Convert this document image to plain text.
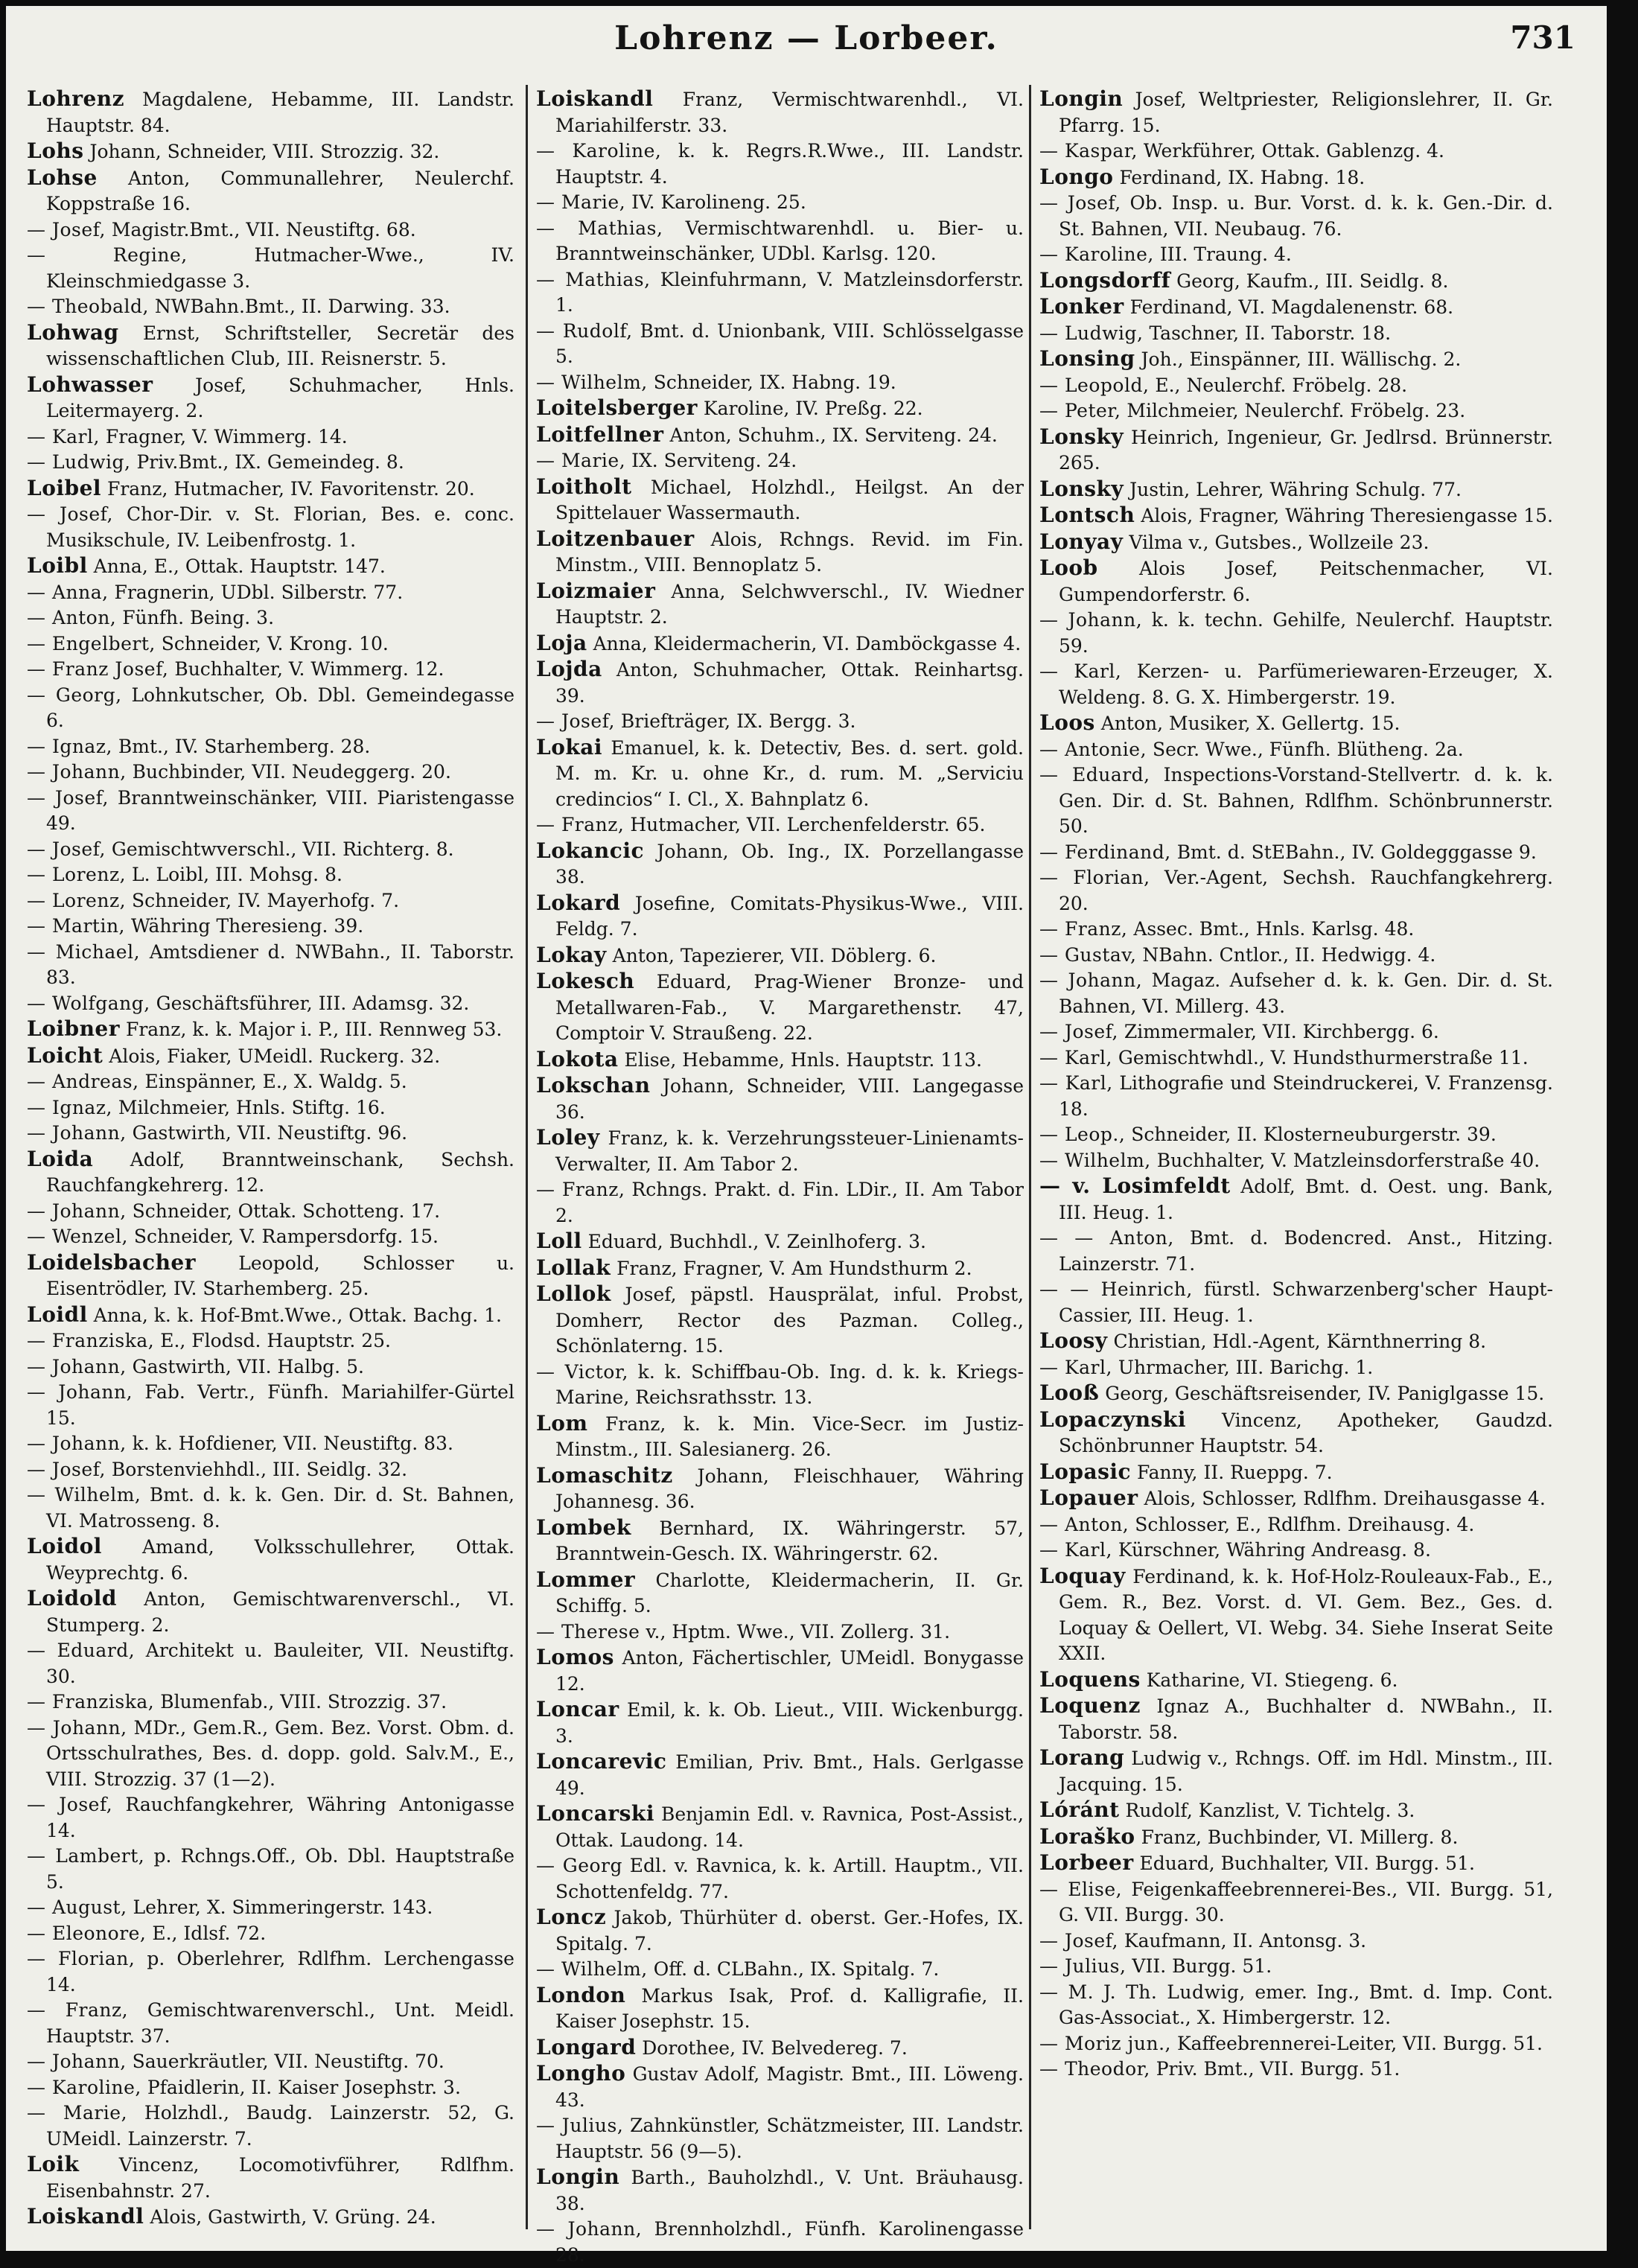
Lohrenz — Lorbeer.	731

Lohrenz Magdalene, Hebamme, III. Landstr. Hauptstr. 84.

Lohs Johann, Schneider, VIII. Strozzig. 32.

Lohse Anton, Communallehrer, Neulerchf. Koppstraße 16.

— Josef, Magistr.Bmt., VII. Neustiftg. 68.

— Regine,	Hutmacher-Wwe., IV. Kleinschmiedgasse 3.

— Theobald, NWBahn.Bmt., II. Darwing. 33.

Lohwag Ernst, Schriftsteller, Secretär des wissenschaftlichen Club, III. Reisnerstr. 5.

Lohwasser Josef, Schuhmacher, Hnls. Leitermayerg. 2.

— Karl, Fragner, V. Wimmerg. 14.

— Ludwig, Priv.Bmt., IX. Gemeindeg. 8.

Loibel Franz, Hutmacher, IV. Favoritenstr. 20.

— Josef, Chor-Dir. v. St. Florian, Bes. e. conc. Musikschule, IV. Leibenfrostg. 1.

Loibl Anna, E., Ottak. Hauptstr. 147.

— Anna, Fragnerin, UDbl. Silberstr. 77.

— Anton, Fünfh. Being. 3.

— Engelbert, Schneider, V. Krong. 10.

— Franz Josef, Buchhalter, V. Wimmerg. 12.

— Georg, Lohnkutscher, Ob. Dbl. Gemeindegasse 6.

— Ignaz, Bmt., IV. Starhemberg. 28.

— Johann, Buchbinder, VII. Neudeggerg. 20.

— Josef, Branntweinschänker, VIII. Piaristengasse 49.

— Josef, Gemischtwverschl., VII. Richterg. 8.

— Lorenz, L. Loibl, III. Mohsg. 8.

— Lorenz, Schneider, IV. Mayerhofg. 7.

— Martin, Währing Theresieng. 39.

— Michael, Amtsdiener d. NWBahn., II. Taborstr. 83.

— Wolfgang, Geschäftsführer, III. Adamsg. 32.

Loibner Franz, k. k. Major i. P., III. Rennweg 53.

Loicht Alois, Fiaker, UMeidl. Ruckerg. 32.

— Andreas, Einspänner, E., X. Waldg. 5.

— Ignaz, Milchmeier, Hnls. Stiftg. 16.

— Johann, Gastwirth, VII. Neustiftg. 96.

Loida Adolf, Branntweinschank, Sechsh. Rauchfangkehrerg. 12.

— Johann, Schneider, Ottak. Schotteng. 17.

— Wenzel, Schneider, V. Rampersdorfg. 15.

Loidelsbacher Leopold, Schlosser u. Eisentrödler, IV. Starhemberg. 25.

Loidl Anna, k. k. Hof-Bmt.Wwe., Ottak. Bachg. 1.

— Franziska, E., Flodsd. Hauptstr. 25.

— Johann, Gastwirth, VII. Halbg. 5.

— Johann, Fab. Vertr., Fünfh. Mariahilfer-Gürtel 15.

— Johann, k. k. Hofdiener, VII. Neustiftg. 83.

— Josef, Borstenviehhdl., III. Seidlg. 32.

— Wilhelm, Bmt. d. k. k. Gen. Dir. d. St. Bahnen, VI. Matrosseng. 8.

Loidol Amand, Volksschullehrer, Ottak. Weyprechtg. 6.

Loidold Anton, Gemischtwarenverschl., VI. Stumperg. 2.

— Eduard, Architekt u. Bauleiter, VII. Neustiftg. 30.

— Franziska, Blumenfab., VIII. Strozzig. 37.

— Johann, MDr., Gem.R., Gem. Bez. Vorst. Obm. d. Ortsschulrathes, Bes. d. dopp. gold. Salv.M., E., VIII. Strozzig. 37 (1—2).

— Josef, Rauchfangkehrer, Währing Antonigasse 14.

— Lambert, p. Rchngs.Off., Ob. Dbl. Hauptstraße 5.

— August, Lehrer, X. Simmeringerstr. 143.

— Eleonore, E., Idlsf. 72.

— Florian, p. Oberlehrer, Rdlfhm. Lerchengasse 14.

— Franz, Gemischtwarenverschl., Unt. Meidl. Hauptstr. 37.

— Johann, Sauerkräutler, VII. Neustiftg. 70.

— Karoline, Pfaidlerin, II. Kaiser Josephstr. 3.

— Marie, Holzhdl., Baudg. Lainzerstr. 52, G. UMeidl. Lainzerstr. 7.

Loik Vincenz, Locomotivführer, Rdlfhm. Eisenbahnstr. 27.

Loiskandl Alois, Gastwirth, V. Grüng. 24.

Loiskandl Franz, Vermischtwarenhdl., VI. Mariahilferstr. 33.

— Karoline, k. k. Regrs.R.Wwe., III. Landstr. Hauptstr. 4.

— Marie, IV. Karolineng. 25.

— Mathias, Vermischtwarenhdl. u. Bier- u. Branntweinschänker, UDbl. Karlsg. 120.

— Mathias, Kleinfuhrmann, V. Matzleinsdorferstr. 1.

— Rudolf, Bmt. d. Unionbank, VIII. Schlösselgasse 5.

— Wilhelm, Schneider, IX. Habng. 19.

Loitelsberger Karoline, IV. Preßg. 22.

Loitfellner Anton, Schuhm., IX. Serviteng. 24.

— Marie, IX. Serviteng. 24.

Loitholt Michael, Holzhdl., Heilgst. An der Spittelauer Wassermauth.

Loitzenbauer Alois, Rchngs. Revid. im Fin. Minstm., VIII. Bennoplatz 5.

Loizmaier Anna, Selchwverschl., IV. Wiedner Hauptstr. 2.

Loja Anna, Kleidermacherin, VI. Damböckgasse 4.

Lojda Anton, Schuhmacher, Ottak. Reinhartsg. 39.

— Josef, Briefträger, IX. Bergg. 3.

Lokai Emanuel, k. k. Detectiv, Bes. d. sert. gold. M. m. Kr. u. ohne Kr., d. rum. M. „Serviciu credincios“ I. Cl., X. Bahnplatz 6.

— Franz, Hutmacher, VII. Lerchenfelderstr. 65.

Lokancic Johann, Ob. Ing., IX. Porzellangasse 38.

Lokard Josefine, Comitats-Physikus-Wwe., VIII. Feldg. 7.

Lokay Anton, Tapezierer, VII. Döblerg. 6.

Lokesch Eduard, Prag-Wiener Bronze- und Metallwaren-Fab., V. Margarethenstr. 47, Comptoir V. Straußeng. 22.

Lokota Elise, Hebamme, Hnls. Hauptstr. 113.

Lokschan Johann, Schneider, VIII. Langegasse 36.

Loley Franz, k. k. Verzehrungssteuer-Linienamts-Verwalter, II. Am Tabor 2.

— Franz, Rchngs. Prakt. d. Fin. LDir., II. Am Tabor 2.

Loll Eduard, Buchhdl., V. Zeinlhoferg. 3.

Lollak Franz, Fragner, V. Am Hundsthurm 2.

Lollok Josef, päpstl. Hausprälat, inful. Probst, Domherr, Rector des Pazman. Colleg., Schönlaterng. 15.

— Victor, k. k. Schiffbau-Ob. Ing. d. k. k. Kriegs-Marine, Reichsrathsstr. 13.

Lom Franz, k. k. Min. Vice-Secr. im Justiz-Minstm., III. Salesianerg. 26.

Lomaschitz Johann, Fleischhauer, Währing Johannesg. 36.

Lombek Bernhard, IX. Währingerstr. 57, Branntwein-Gesch. IX. Währingerstr. 62.

Lommer Charlotte, Kleidermacherin, II. Gr. Schiffg. 5.

— Therese v., Hptm. Wwe., VII. Zollerg. 31.

Lomos Anton, Fächertischler, UMeidl. Bonygasse 12.

Loncar Emil, k. k. Ob. Lieut., VIII. Wickenburgg. 3.

Loncarevic Emilian, Priv. Bmt., Hals. Gerlgasse 49.

Loncarski Benjamin Edl. v. Ravnica, Post-Assist., Ottak. Laudong. 14.

— Georg Edl. v. Ravnica, k. k. Artill. Hauptm., VII. Schottenfeldg. 77.

Loncz Jakob, Thürhüter d. oberst. Ger.-Hofes, IX. Spitalg. 7.

— Wilhelm, Off. d. CLBahn., IX. Spitalg. 7.

London Markus Isak, Prof. d. Kalligrafie, II. Kaiser Josephstr. 15.

Longard Dorothee, IV. Belvedereg. 7.

Longho Gustav Adolf, Magistr. Bmt., III. Löweng. 43.

— Julius, Zahnkünstler, Schätzmeister, III. Landstr. Hauptstr. 56 (9—5).

Longin Barth., Bauholzhdl., V. Unt. Bräuhausg. 38.

— Johann, Brennholzhdl., Fünfh. Karolinengasse 28.

Longin Josef, Weltpriester, Religionslehrer, II. Gr. Pfarrg. 15.

— Kaspar, Werkführer, Ottak. Gablenzg. 4.

Longo Ferdinand, IX. Habng. 18.

— Josef, Ob. Insp. u. Bur. Vorst. d. k. k. Gen.-Dir. d. St. Bahnen, VII. Neubaug. 76.

— Karoline, III. Traung. 4.

Longsdorff Georg, Kaufm., III. Seidlg. 8.

Lonker Ferdinand, VI. Magdalenenstr. 68.

— Ludwig, Taschner, II. Taborstr. 18.

Lonsing Joh., Einspänner, III. Wällischg. 2.

— Leopold, E., Neulerchf. Fröbelg. 28.

— Peter, Milchmeier, Neulerchf. Fröbelg. 23.

Lonsky Heinrich, Ingenieur, Gr. Jedlrsd. Brünnerstr. 265.

Lonsky Justin, Lehrer, Währing Schulg. 77.

Lontsch Alois, Fragner, Währing Theresiengasse 15.

Lonyay Vilma v., Gutsbes., Wollzeile 23.

Loob Alois Josef, Peitschenmacher, VI. Gumpendorferstr. 6.

— Johann, k. k. techn. Gehilfe, Neulerchf. Hauptstr. 59.

— Karl, Kerzen- u. Parfümeriewaren-Erzeuger, X. Weldeng. 8. G. X. Himbergerstr. 19.

Loos Anton, Musiker, X. Gellertg. 15.

— Antonie, Secr. Wwe., Fünfh. Blütheng. 2a.

— Eduard, Inspections-Vorstand-Stellvertr. d. k. k. Gen. Dir. d. St. Bahnen, Rdlfhm. Schönbrunnerstr. 50.

— Ferdinand, Bmt. d. StEBahn., IV. Goldegggasse 9.

— Florian, Ver.-Agent, Sechsh. Rauchfangkehrerg. 20.

— Franz, Assec. Bmt., Hnls. Karlsg. 48.

— Gustav, NBahn. Cntlor., II. Hedwigg. 4.

— Johann, Magaz. Aufseher d. k. k. Gen. Dir. d. St. Bahnen, VI. Millerg. 43.

— Josef, Zimmermaler, VII. Kirchbergg. 6.

— Karl, Gemischtwhdl., V. Hundsthurmerstraße 11.

— Karl, Lithografie und Steindruckerei, V. Franzensg. 18.

— Leop., Schneider, II. Klosterneuburgerstr. 39.

— Wilhelm, Buchhalter, V. Matzleinsdorferstraße 40.

— v. Losimfeldt Adolf, Bmt. d. Oest. ung. Bank, III. Heug. 1.

— — Anton, Bmt. d. Bodencred. Anst., Hitzing. Lainzerstr. 71.

— — Heinrich, fürstl. Schwarzenberg'scher Haupt-Cassier, III. Heug. 1.

Loosy Christian, Hdl.-Agent, Kärnthnerring 8.

— Karl, Uhrmacher, III. Barichg. 1.

Looß Georg, Geschäftsreisender, IV. Paniglgasse 15.

Lopaczynski Vincenz, Apotheker, Gaudzd. Schönbrunner Hauptstr. 54.

Lopasic Fanny, II. Rueppg. 7.

Lopauer Alois, Schlosser, Rdlfhm. Dreihausgasse 4.

— Anton, Schlosser, E., Rdlfhm. Dreihausg. 4.

— Karl, Kürschner, Währing Andreasg. 8.

Loquay Ferdinand, k. k. Hof-Holz-Rouleaux-Fab., E., Gem. R., Bez. Vorst. d. VI. Gem. Bez., Ges. d. Loquay & Oellert, VI. Webg. 34. Siehe Inserat Seite XXII.

Loquens Katharine, VI. Stiegeng. 6.

Loquenz Ignaz A., Buchhalter d. NWBahn., II. Taborstr. 58.

Lorang Ludwig v., Rchngs. Off. im Hdl. Minstm., III. Jacquing. 15.

Lóránt Rudolf, Kanzlist, V. Tichtelg. 3.

Loraško Franz, Buchbinder, VI. Millerg. 8.

Lorbeer Eduard, Buchhalter, VII. Burgg. 51.

— Elise, Feigenkaffeebrennerei-Bes., VII. Burgg. 51, G. VII. Burgg. 30.

— Josef, Kaufmann, II. Antonsg. 3.

— Julius, VII. Burgg. 51.

— M. J. Th. Ludwig, emer. Ing., Bmt. d. Imp. Cont. Gas-Associat., X. Himbergerstr. 12.

— Moriz jun., Kaffeebrennerei-Leiter, VII. Burgg. 51.

— Theodor, Priv. Bmt., VII. Burgg. 51.
